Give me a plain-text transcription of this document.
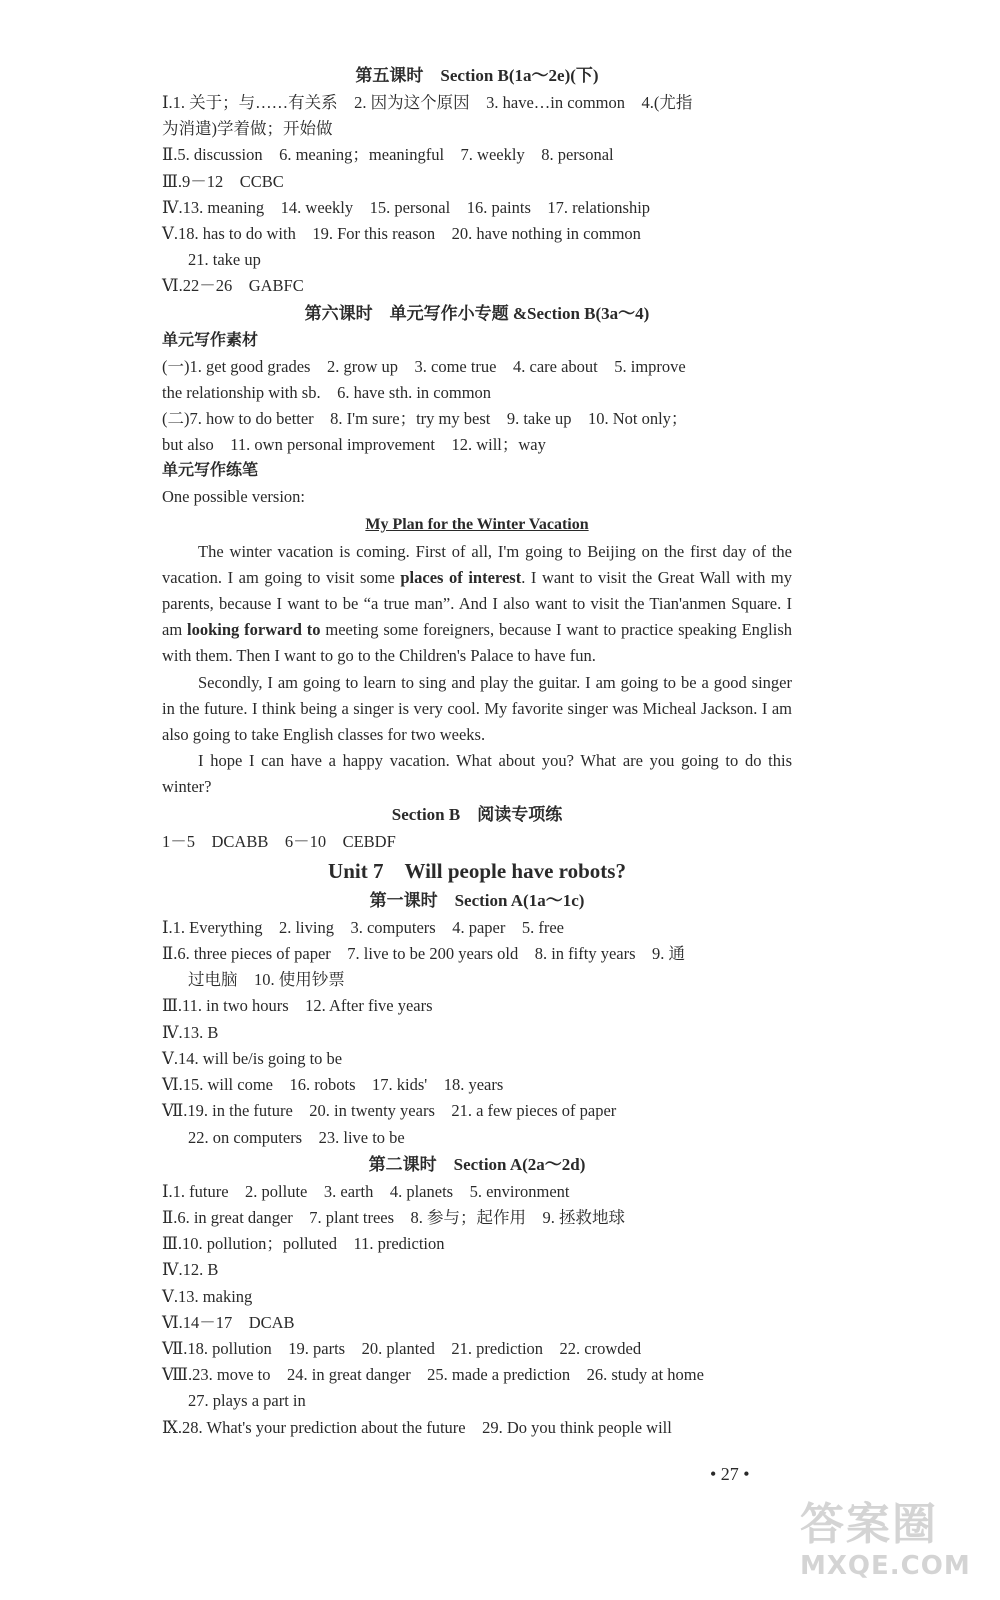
第五课时　Section B(1a～2e)(下)
Ⅰ.1. 关于；与……有关系　2. 因为这个原因　3. have…in common　4.(尤指
为消遣)学着做；开始做
Ⅱ.5. discussion　6. meaning；meaningful　7. weekly　8. personal
Ⅲ.9－12　CCBC
Ⅳ.13. meaning　14. weekly　15. personal　16. paints　17. relationship
Ⅴ.18. has to do with　19. For this reason　20. have nothing in common
21. take up
Ⅵ.22－26　GABFC
第六课时　单元写作小专题 &Section B(3a～4)
单元写作素材
(一)1. get good grades　2. grow up　3. come true　4. care about　5. improve
the relationship with sb.　6. have sth. in common
(二)7. how to do better　8. I'm sure；try my best　9. take up　10. Not only；
but also　11. own personal improvement　12. will；way
单元写作练笔
One possible version:
My Plan for the Winter Vacation

The winter vacation is coming. First of all, I'm going to Beijing on the first day of the vacation. I am going to visit some places of interest. I want to visit the Great Wall with my parents, because I want to be “a true man”. And I also want to visit the Tian'anmen Square. I am looking forward to meeting some foreigners, because I want to practice speaking English with them. Then I want to go to the Children's Palace to have fun.

Secondly, I am going to learn to sing and play the guitar. I am going to be a good singer in the future. I think being a singer is very cool. My favorite singer was Micheal Jackson. I am also going to take English classes for two weeks.

I hope I can have a happy vacation. What about you? What are you going to do this winter?

Section B　阅读专项练
1－5　DCABB　6－10　CEBDF
Unit 7　Will people have robots?
第一课时　Section A(1a～1c)
Ⅰ.1. Everything　2. living　3. computers　4. paper　5. free
Ⅱ.6. three pieces of paper　7. live to be 200 years old　8. in fifty years　9. 通
过电脑　10. 使用钞票
Ⅲ.11. in two hours　12. After five years
Ⅳ.13. B
Ⅴ.14. will be/is going to be
Ⅵ.15. will come　16. robots　17. kids'　18. years
Ⅶ.19. in the future　20. in twenty years　21. a few pieces of paper
22. on computers　23. live to be
第二课时　Section A(2a～2d)
Ⅰ.1. future　2. pollute　3. earth　4. planets　5. environment
Ⅱ.6. in great danger　7. plant trees　8. 参与；起作用　9. 拯救地球
Ⅲ.10. pollution；polluted　11. prediction
Ⅳ.12. B
Ⅴ.13. making
Ⅵ.14－17　DCAB
Ⅶ.18. pollution　19. parts　20. planted　21. prediction　22. crowded
Ⅷ.23. move to　24. in great danger　25. made a prediction　26. study at home
27. plays a part in
Ⅸ.28. What's your prediction about the future　29. Do you think people will
• 27 •
答案圈
MXQE.COM
